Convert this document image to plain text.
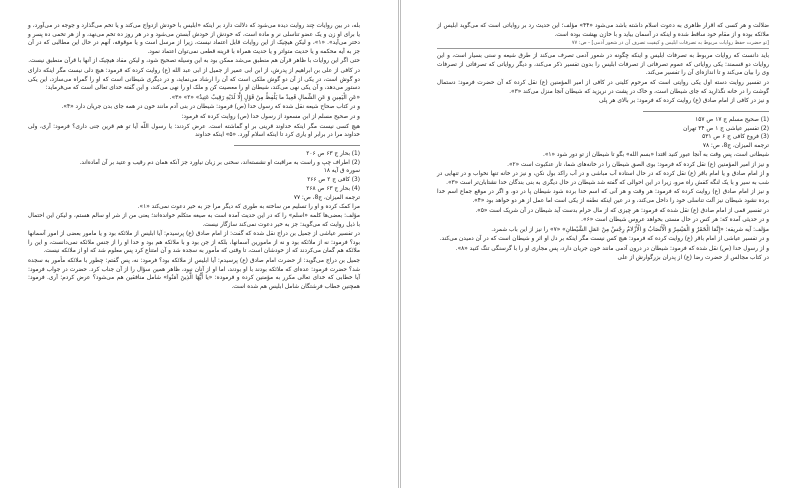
بله، در بین روایات چند روایت دیده می‌شود که دلالت دارد بر اینکه «ابلیس با خودش ازدواج می‌کند و یا تخم می‌گذارد و جوجه در می‌آورد، و یا برای او زن و یک عضو تناسلی نر و ماده است، که خودش از خودش آبستن می‌شود و در هر روز ده تخم می‌نهد، و از هر تخمی ده پسر و دختر می‌آید». «۱»، و لیکن هیچیک از این روایات قابل اعتماد نیست، زیرا از مرسل است و یا موقوفه، آنهم در حال این مطالبی که در آن جز به آیه محکمه و یا حدیث متواتر و یا حدیث همراه با قرینه قطعی نمی‌توان اعتماد نمود.

حتی اگر این روایات با ظاهر قرآن هم منطبق می‌شد ممکن بود به این وسیله تصحیح شود، و لیکن مفاد هیچیک از آنها با قرآن منطبق نیست.

در کافی از علی بن ابراهیم از پدرش، از ابن ابی عمیر از جمیل از ابی عبد الله (ع) روایت کرده که فرمود: هیچ دلی نیست مگر اینکه دارای دو گوش است، در یکی از آن دو گوش ملکی است که آن را ارشاد می‌نماید، و در دیگری شیطانی است که او را گمراه می‌سازد، این یکی دستور می‌دهد، و آن یکی نهی می‌کند، شیطان او را معصیت کن و ملک او را نهی می‌کند، و این گفته خدای تعالی است که می‌فرماید:

«عَنِ الْیَمِینِ وَ عَنِ الشِّمالِ قَعِیدٌ ما یَلْفِظُ مِنْ قَوْلٍ إِلَّا لَدَیْهِ رَقِیبٌ عَتِیدٌ» «۲» «۳».

و در کتاب صحاح شیعه نقل شده که رسول خدا (ص) فرمود: شیطان در بنی آدم مانند خون در همه جای بدن جریان دارد «۴».

و در صحیح مسلم از ابن مسعود از رسول خدا (ص) روایت کرده که فرمود:

هیچ کسی نیست مگر اینکه خداوند قرینی بر او گماشته است. عرض کردند: یا رسول اللّه آیا تو هم قرین جنی داری؟ فرمود: آری، ولی خداوند مرا در برابر او یاری کرد تا اینکه اسلام آورد. «۵» اینکه خداوند

(1) بحار ج ۶۳ ص ۲۰۶

(2) اطراف چپ و راست به مراقبت او نشسته‌اند، سخنی بر زبان نیاورد جز آنکه همان دم رقیب و عتید بر آن آماده‌اند.

سوره ق آیه ۱۸

(3) کافی ج ۲ ص ۲۶۶

(4) بحار ج ۶۳ ص ۲۶۸

ترجمه المیزان، ج‌8، ص: ۷۷

مرا کمک کرده و او را تسلیم من ساخته به طوری که دیگر مرا جز به خیر دعوت نمی‌کند «۱».

مؤلف: بعضی‌ها کلمه «اسلم» را که در این حدیث آمده است به صیغه متکلم خوانده‌اند؛ یعنی من از شر او سالم هستم، و لیکن این احتمال با ذیل روایت که می‌گوید: جز به خیر دعوت نمی‌کند سازگار نیست.

در تفسیر عیاشی از جمیل بن دراج نقل شده که گفت: از امام صادق (ع) پرسیدم: آیا ابلیس از ملائکه بود و یا مامور بعضی از امور آسمانها بود؟ فرمود: نه از ملائکه بود و نه از مامورین آسمانها، بلکه از جن بود و با ملائکه هم بود و خدا او را از جنس ملائکه نمی‌دانست، و این را ملائکه هم گمان می‌کردند که از خودشان است، تا وقتی که مأمور به سجده شد و آن امتناع کرد پس معلوم شد که او از ملائکه نیست.

جمیل بن دراج می‌گوید: از حضرت امام صادق (ع) پرسیدم: آیا ابلیس از ملائکه بود؟ فرمود: نه، پس گفتم: چطور با ملائکه مأمور به سجده شد؟ حضرت فرمود: عده‌ای که ملائکه بودند با او بودند، اما او از آنان نبود، ظاهر همین سؤال را از آن جناب کرد. حضرت در جواب فرمود: آیا خطابی که خدای تعالی مکرر به مؤمنین کرده و فرموده: «یا أَیُّهَا الَّذِینَ آمَنُوا» شامل منافقین هم می‌شود؟ عرض کردم: آری. فرمود: همچنین خطاب فرشتگان شامل ابلیس هم شده است.

ضلالت و هر کسی که اقرار ظاهری به دعوت اسلام داشته باشد می‌شود «۴۴» مؤلف؛ این حدیث رد بر روایاتی است که می‌گوید ابلیس از ملائکه بوده و از مقام خود ساقط شده و اینکه در آسمان بیاید و با خازن بهشت بوده است.

‌[تو حضرت حفظ روایات مربوط به تصرفات ابلیس و کیفیت تصرف آن در شعور آدمی] - ص: ۷۷

باید دانست که روایات مربوط به تصرفات ابلیس و اینکه چگونه در شعور آدمی تصرف می‌کند از طرق شیعه و سنی بسیار است، و این روایات دو قسمند: یکی روایاتی که عموم تصرفاتی از تصرفات ابلیس را بدون تفسیر ذکر می‌کند، و دیگر روایاتی که تصرفاتی از تصرفات وی را بیان می‌کند و تا اندازه‌ای آن را تفسیر می‌کند.

در تفسیر روایت دسته اول یکی روایتی است که مرحوم کلینی در کافی از امیر المؤمنین (ع) نقل کرده که آن حضرت فرمود: دستمال گوشت را در خانه نگذارید که جای شیطان است، و خاک در پشت در نریزید که شیطان آنجا منزل می‌کند «۳».

و نیز در کافی از امام صادق (ع) روایت کرده که فرمود: بر بالای هر پلی

(1) صحیح مسلم ج ۱۷ ص ۱۵۷

(2) تفسیر عیاشی ج ۱ ص ۳۴ تهران

(3) فروع کافی ج ۶ ص ۵۳۱

ترجمه المیزان، ج‌8، ص: ۷۸

شیطانی است، پس وقت به آنجا عبور کنید اقتدا «بسم الله» بگو تا شیطان از تو دور شود «۱».

و نیز از امیر المؤمنین (ع) نقل کرده که فرمود: بوی الصق شیطان را در خانه‌های شما، تار عنکبوت است «۲».

و از امام صادق و یا امام باقر (ع) نقل کرده که در حال استاده آب مباشی و در آب راکد بول نکن، و نیز در خانه تنها نخواب و در تنهایی در شب به سیر و با یک لنگه کفش راه مرو، زیرا در این احوالی که گفته شد شیطان در حال دیگری به بنی بندگان خدا نشتابان‌تر است «۳».

و نیز از امام صادق (ع) روایت کرده که فرمود: هر وقت و هر آنی که اسم خدا برده شود شیطان پا در دو، و اگر در موقع جماع اسم خدا برده نشود شیطان نیز آلت تناسلی خود را داخل می‌کند، و در عین اینکه نطفه از یکی است اما عمل از هر دو خواهد بود «۴».

در تفسیر قمی از امام صادق (ع) نقل شده که فرمود: هر چیزی که از مال حرام بدست آید شیطان در آن شریک است «۵».

و در حدیثی آمده که: هر کس در حال مستی بخواهد عروس شیطان است «۶».

مؤلف: آیه شریفه: «إِنَّمَا الْخَمْرُ وَ الْمَیْسِرُ وَ الْأَنْصَابُ وَ الْأَزْلامُ رِجْسٌ مِنْ عَمَلِ الشَّیْطانِ» «۷» را نیز از این باب شمرد.

و در تفسیر عیاشی از امام باقر (ع) روایت کرده که فرمود: هیچ کس نیست مگر اینکه بر دل او اثر و شیطان است که در آن دمیدن می‌کند.

و از رسول خدا (ص) نقل شده که فرمود: شیطان در درون آدمی مانند خون جریان دارد، پس مجاری او را با گرسنگی تنگ کنید «۸».

در کتاب مجالس از حضرت رضا (ع) از پدران بزرگوارش از علی
